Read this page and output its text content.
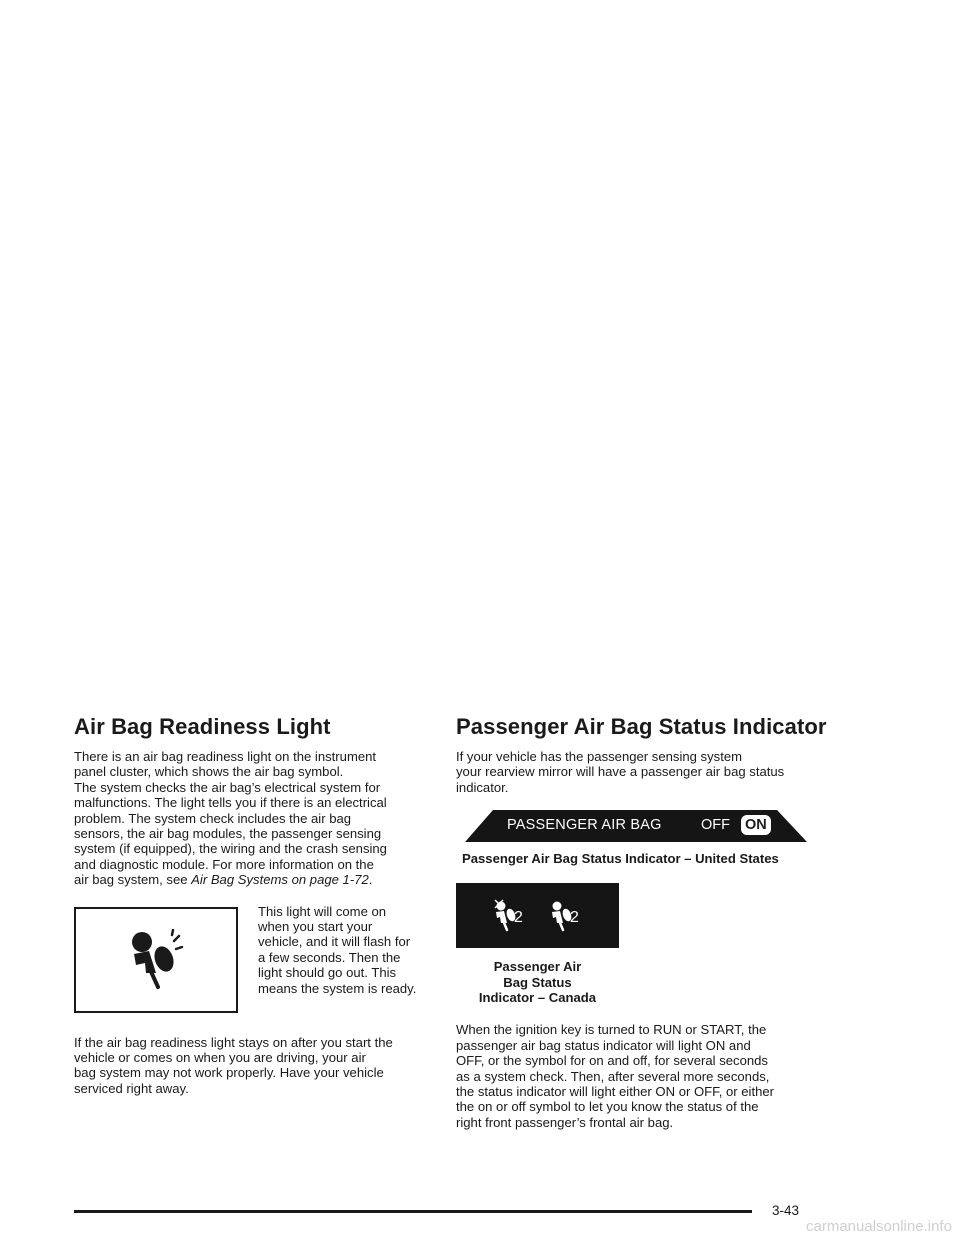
Air Bag Readiness Light

There is an air bag readiness light on the instrument
panel cluster, which shows the air bag symbol.
The system checks the air bag’s electrical system for
malfunctions. The light tells you if there is an electrical
problem. The system check includes the air bag
sensors, the air bag modules, the passenger sensing
system (if equipped), the wiring and the crash sensing
and diagnostic module. For more information on the
air bag system, see Air Bag Systems on page 1-72.

This light will come on
when you start your
vehicle, and it will flash for
a few seconds. Then the
light should go out. This
means the system is ready.

If the air bag readiness light stays on after you start the
vehicle or comes on when you are driving, your air
bag system may not work properly. Have your vehicle
serviced right away.

Passenger Air Bag Status Indicator

If your vehicle has the passenger sensing system
your rearview mirror will have a passenger air bag status
indicator.

PASSENGER AIR BAG	OFF ON
Passenger Air Bag Status Indicator – United States
2	2
Passenger Air
Bag Status
Indicator – Canada

When the ignition key is turned to RUN or START, the
passenger air bag status indicator will light ON and
OFF, or the symbol for on and off, for several seconds
as a system check. Then, after several more seconds,
the status indicator will light either ON or OFF, or either
the on or off symbol to let you know the status of the
right front passenger’s frontal air bag.

3-43
carmanualsonline.info
